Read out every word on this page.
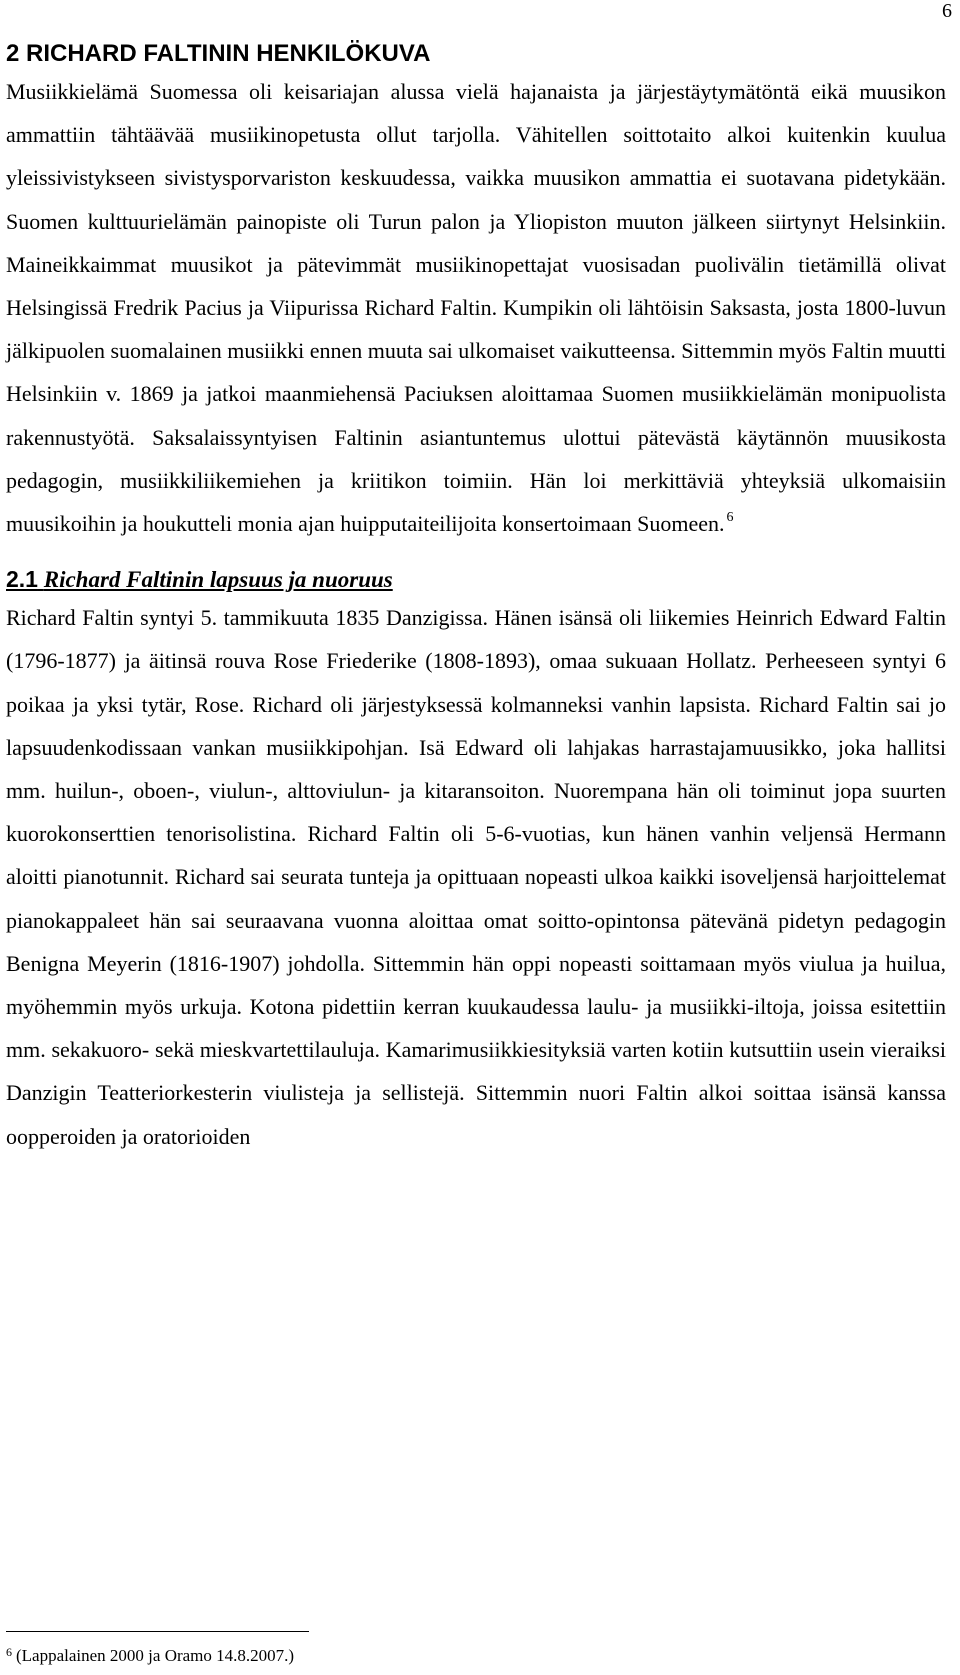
6
2 RICHARD FALTININ HENKILÖKUVA

Musiikkielämä Suomessa oli keisariajan alussa vielä hajanaista ja järjestäytymätöntä eikä muusikon ammattiin tähtäävää musiikinopetusta ollut tarjolla. Vähitellen soittotaito alkoi kuitenkin kuulua yleissivistykseen sivistysporvariston keskuudessa, vaikka muusikon ammattia ei suotavana pidetykään. Suomen kulttuurielämän painopiste oli Turun palon ja Yliopiston muuton jälkeen siirtynyt Helsinkiin. Maineikkaimmat muusikot ja pätevimmät musiikinopettajat vuosisadan puolivälin tietämillä olivat Helsingissä Fredrik Pacius ja Viipurissa Richard Faltin. Kumpikin oli lähtöisin Saksasta, josta 1800-luvun jälkipuolen suomalainen musiikki ennen muuta sai ulkomaiset vaikutteensa. Sittemmin myös Faltin muutti Helsinkiin v. 1869 ja jatkoi maanmiehensä Paciuksen aloittamaa Suomen musiikkielämän monipuolista rakennustyötä. Saksalaissyntyisen Faltinin asiantuntemus ulottui pätevästä käytännön muusikosta pedagogin, musiikkiliikemiehen ja kriitikon toimiin. Hän loi merkittäviä yhteyksiä ulkomaisiin muusikoihin ja houkutteli monia ajan huipputaiteilijoita konsertoimaan Suomeen. $^6$

2.1 Richard Faltinin lapsuus ja nuoruus

Richard Faltin syntyi 5. tammikuuta 1835 Danzigissa. Hänen isänsä oli liikemies Heinrich Edward Faltin (1796-1877) ja äitinsä rouva Rose Friederike (1808-1893), omaa sukuaan Hollatz. Perheeseen syntyi 6 poikaa ja yksi tytär, Rose. Richard oli järjestyksessä kolmanneksi vanhin lapsista. Richard Faltin sai jo lapsuudenkodissaan vankan musiikkipohjan. Isä Edward oli lahjakas harrastajamuusikko, joka hallitsi mm. huilun-, oboen-, viulun-, alttoviulun- ja kitaransoiton. Nuorempana hän oli toiminut jopa suurten kuorokonserttien tenorisolistina. Richard Faltin oli 5-6-vuotias, kun hänen vanhin veljensä Hermann aloitti pianotunnit. Richard sai seurata tunteja ja opittuaan nopeasti ulkoa kaikki isoveljensä harjoittelemat pianokappaleet hän sai seuraavana vuonna aloittaa omat soitto-opintonsa pätevänä pidetyn pedagogin Benigna Meyerin (1816-1907) johdolla. Sittemmin hän oppi nopeasti soittamaan myös viulua ja huilua, myöhemmin myös urkuja. Kotona pidettiin kerran kuukaudessa laulu- ja musiikki-iltoja, joissa esitettiin mm. sekakuoro- sekä mieskvartettilauluja. Kamarimusiikkiesityksiä varten kotiin kutsuttiin usein vieraiksi Danzigin Teatteriorkesterin viulisteja ja sellistejä. Sittemmin nuori Faltin alkoi soittaa isänsä kanssa oopperoiden ja oratorioiden

$^6$ (Lappalainen 2000 ja Oramo 14.8.2007.)
